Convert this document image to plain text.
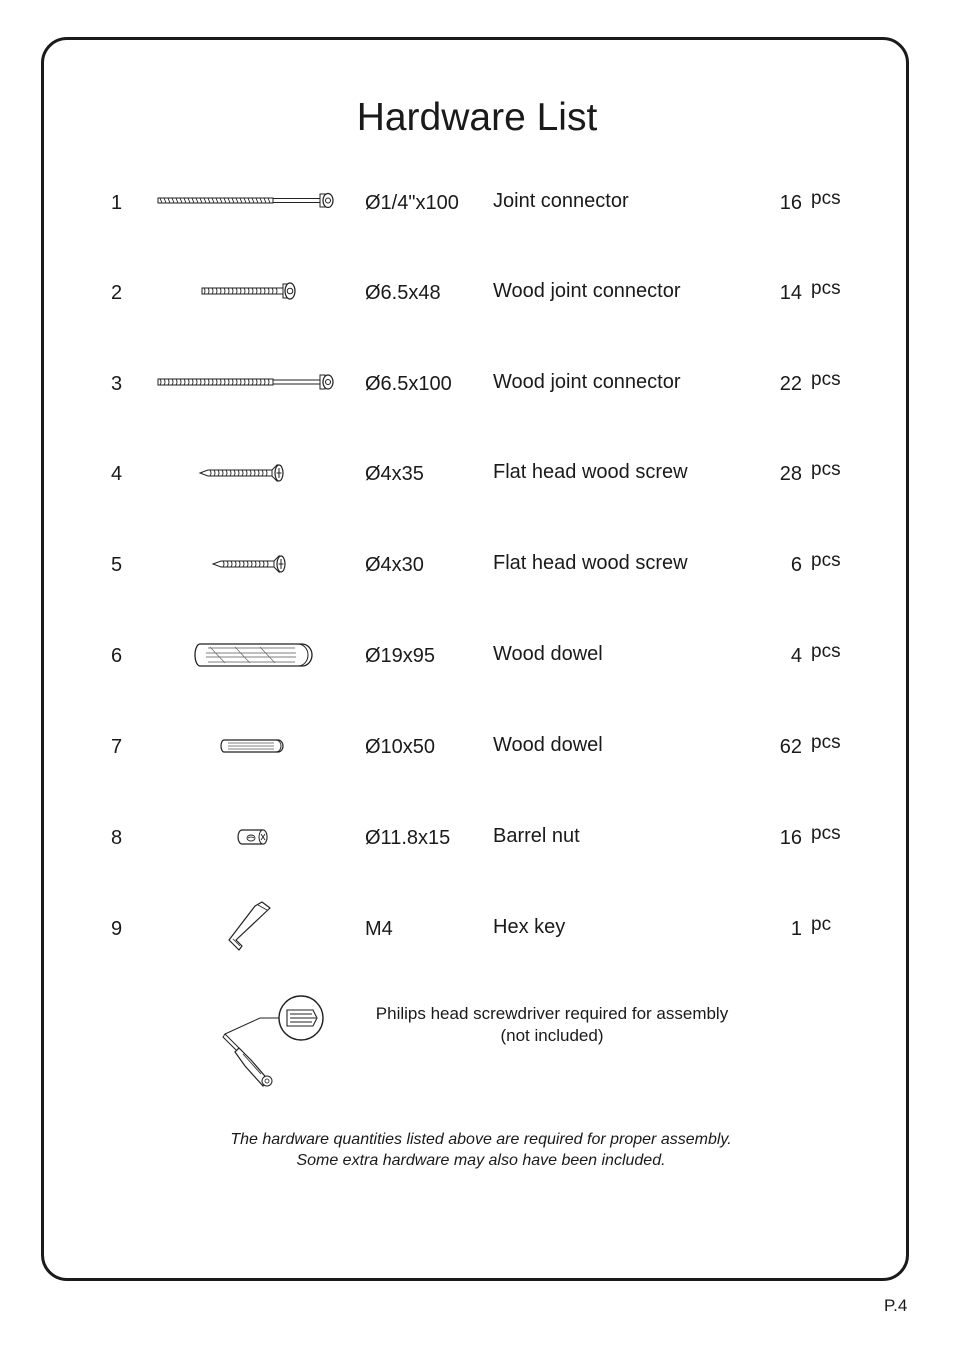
Hardware List
1	Ø1/4"x100 Joint connector	16 pcs
2	Ø6.5x48	Wood joint connector	14 pcs
3	Ø6.5x100 Wood joint connector	22 pcs
4	Ø4x35	Flat head wood screw	28 pcs
5	Ø4x30	Flat head wood screw	6 pcs
6	Ø19x95	Wood dowel	4 pcs
7	Ø10x50	Wood dowel	62 pcs
8	Ø11.8x15 Barrel nut	16 pcs
9	M4	Hex key	1 pc
Philips head screwdriver required for assembly
(not included)
The hardware quantities listed above are required for proper assembly.
Some extra hardware may also have been included.
P.4
